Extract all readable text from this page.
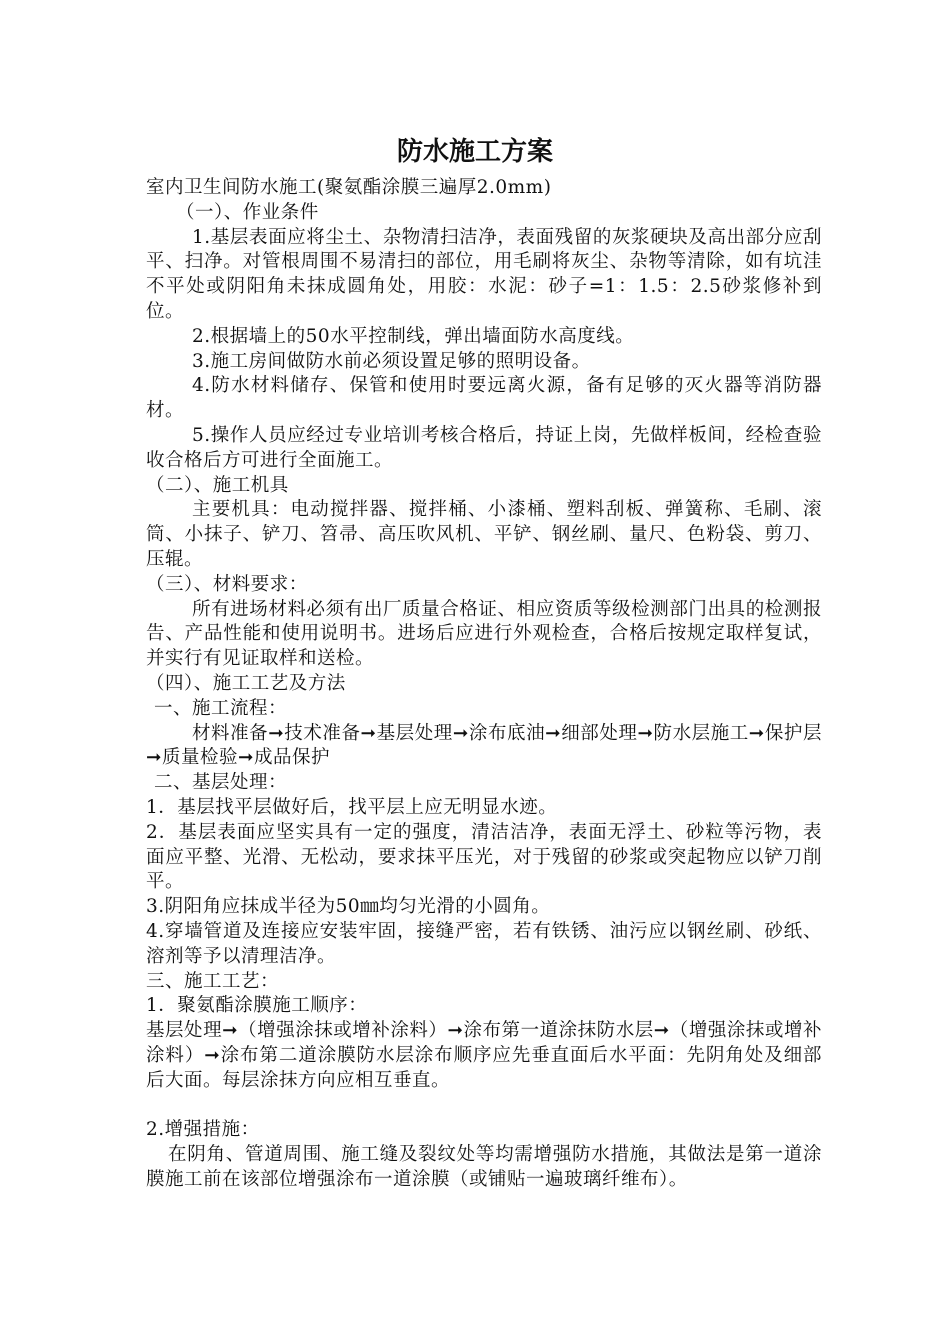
防水施工方案

室内卫生间防水施工(聚氨酯涂膜三遍厚2.0mm)

（一）、作业条件

1.基层表面应将尘土、杂物清扫洁净，表面残留的灰浆硬块及高出部分应刮平、扫净。对管根周围不易清扫的部位，用毛刷将灰尘、杂物等清除，如有坑洼不平处或阴阳角未抹成圆角处，用胶：水泥：砂子=1：1.5：2.5砂浆修补到位。

2.根据墙上的50水平控制线，弹出墙面防水高度线。

3.施工房间做防水前必须设置足够的照明设备。

4.防水材料储存、保管和使用时要远离火源，备有足够的灭火器等消防器材。

5.操作人员应经过专业培训考核合格后，持证上岗，先做样板间，经检查验收合格后方可进行全面施工。

（二）、施工机具

主要机具：电动搅拌器、搅拌桶、小漆桶、塑料刮板、弹簧称、毛刷、滚筒、小抹子、铲刀、笤帚、高压吹风机、平铲、钢丝刷、量尺、色粉袋、剪刀、压辊。

（三）、材料要求：

所有进场材料必须有出厂质量合格证、相应资质等级检测部门出具的检测报告、产品性能和使用说明书。进场后应进行外观检查，合格后按规定取样复试，并实行有见证取样和送检。

（四）、施工工艺及方法

一、施工流程：

材料准备➞技术准备➞基层处理➞涂布底油➞细部处理➞防水层施工➞保护层➞质量检验➞成品保护

二、基层处理：

1．基层找平层做好后，找平层上应无明显水迹。

2．基层表面应坚实具有一定的强度，清洁洁净，表面无浮土、砂粒等污物，表面应平整、光滑、无松动，要求抹平压光，对于残留的砂浆或突起物应以铲刀削平。

3.阴阳角应抹成半径为50㎜均匀光滑的小圆角。

4.穿墙管道及连接应安装牢固，接缝严密，若有铁锈、油污应以钢丝刷、砂纸、溶剂等予以清理洁净。

三、施工工艺：

1．聚氨酯涂膜施工顺序：

基层处理➞（增强涂抹或增补涂料）➞涂布第一道涂抹防水层➞（增强涂抹或增补涂料）➞涂布第二道涂膜防水层涂布顺序应先垂直面后水平面：先阴角处及细部后大面。每层涂抹方向应相互垂直。

2.增强措施：

在阴角、管道周围、施工缝及裂纹处等均需增强防水措施，其做法是第一道涂膜施工前在该部位增强涂布一道涂膜（或铺贴一遍玻璃纤维布）。
